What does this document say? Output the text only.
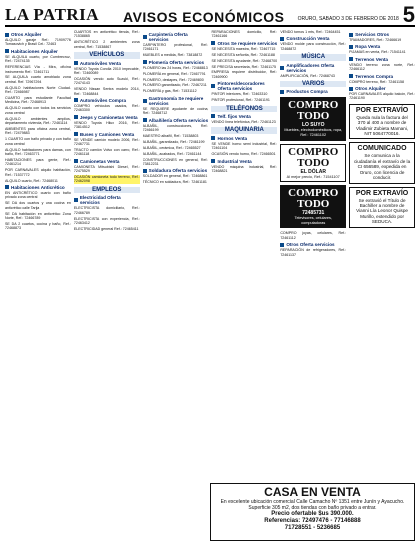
LA PATRIA	AVISOS ECONÓMICOS	ORURO, SABADO 3 DE FEBRERO DE 2018 5
Otros Alquiler

ALQUILO garaje Ref.: 71909776 Tomasovich y Brasil Cel.: 72463

Habitaciones Alquiler

SE ALQUILA cuarto, por Cumbrecruz, Ref.: 72474135

REFERENCIAS Vía - Mira, oficina instrumento Ref.: 72461711

SE ALQUILA cuarto amoblado zona central. Ref. 72967294

ALQUILO habitaciones Norte Ciudad. Ref.: 72466987

CUARTO para estudiante Facultad Medicina, Ref.: 72468913

ALQUILO cuarto con todos los servicios zona central

ALQUILO ambientes amplios, departamento vivienda, Ref.: 72461114

AMBIENTES para oficina zona central, Ref.: 72479883

1 CUARTO con baño privado y con baño zona central

ALQUILO habitaciones para damas, con baño, Ref.: 72463771

HABITACIONES para gente, Ref.: 72461214

POR CARNAVALES alquilo habitación, Ref.: 71537772

ALQUILO cuarto, Ref.: 72468011

Habitaciones Anticrético

EN ANTICRÉTICO cuarto con baño privado zona central

SE DA dos cuartos y una cocina en anticrético calle Tarija

SE DA habitación en anticrético Zona Norte, Ref.: 72466789

SE DA 2 cuartos, cocina y baño, Ref.: 72468873

CUARTOS en anticrético tienda, Ref.: 71538865

ANTICRÉTICO 2 ambientes zona central, Ref.: 71538867

VEHÍCULOS
Automóviles Venta

VENDO Toyota Corolla 2010 impecable, Ref.: 72460089

OCASIÓN vendo auto Suzuki, Ref.: 72474143

VENDO Nissan Sentra modelo 2014, Ref.: 72468844

Automóviles Compra

COMPRO vehículos usados, Ref.: 72463300

Jeeps y Camionetas Venta

VENDO Toyota Hilux 2016, Ref.: 73814512

Buses y Camiones Venta

SE VENDE camión modelo 2006, Ref.: 72467731

TRACTO camión Volvo con carro, Ref.: 72461118

Camionetas Venta

CAMIONETA Mitsubishi Diesel, Ref.: 72475529

OCASIÓN camioneta todo terreno, Ref.: 72462098

EMPLEOS
Electricidad Oferta servicios

ELECTRICISTA domiciliario, Ref.: 72466789

ELECTRICISTA con experiencia, Ref.: 72463412

ELECTRICIDAD general Ref.: 72465411

Carpintería Oferta servicios

CARPINTERO profesional, Ref.: 72461171

MUEBLES a medida, Ref.: 73818872

Plomería Oferta servicios

PLOMERO las 24 horas, Ref.: 72468813

PLOMERÍA en general, Ref.: 72467791

PLOMERO, destapes, Ref.: 72469800

PLOMERO garantizado, Ref.: 72467211

PLOMERÍA y gas, Ref.: 71531112

Gastronomía Se requiere servicios

SE REQUIERE ayudante de cocina, Ref.: 72468712

Albañilería Oferta servicios

ALBAÑIL, construcciones, Ref.: 72466199

MAESTRO albañil, Ref.: 71538803

ALBAÑIL, garantizado, Ref.: 72461199

ALBAÑIL, cerámica, Ref.: 72465527

ALBAÑIL, acabados, Ref.: 72461144

CONSTRUCCIONES en general, Ref.: 73812231

Soldadura Oferta servicios

SOLDADOR en general, Ref.: 72468861

TÉCNICO en soldadura, Ref.: 72461181

REPARACIONES domicilio, Ref.: 72461166

Otros Se requiere servicios

SE NECESITA maestra, Ref.: 72467715

SE NECESITA señorita, Ref.: 72461188

SE NECESITA ayudante, Ref.: 72468700

SE PRECISA secretaria, Ref.: 72461175

EMPRESA requiere distribuidor, Ref.: 72469900

Pintores/decoradores Oferta servicios

PINTOR interiores, Ref.: 72463310

PINTOR profesional, Ref.: 72461191

TELÉFONOS
Telf. fijos Venta

VENDO línea telefónica, Ref.: 72461123

MAQUINARIA
Hornos Venta

SE VENDE horno semi industrial, Ref.: 72461104

OCASIÓN vendo horno, Ref.: 72466501

Industrial Venta

VENDO máquina industrial, Ref.: 72468821

VENDO tornos 1 mts, Ref.: 72464451

Construcción Venta

VENDO molde para construcción, Ref.: 72468872

MÚSICA
Amplificadores Oferta servicios

AMPLIFICACIÓN, Ref.: 72468743

VARIOS
Productos Compra
COMPRO TODO
LO SUYO
Muebles, electrodomésticos, ropa, Ref.: 72461102
COMPRO TODO
EL DÓLAR
Al mejor precio, Ref.: 71541107
COMPRO TODO
72485731
Televisores, celulares, computadoras

COMPRO joyas, celulares, Ref.: 72461112

Otros Oferta servicios

REPARACIÓN de refrigeradores, Ref.: 72461137

Servicios Otros

TRAMADORES, Ref.: 72466619

Ropa Venta

PIJAMAS en venta, Ref.: 71541141

Terrenos Venta

VENDO terreno zona norte, Ref.: 72466112

Terrenos Compra

COMPRO terreno, Ref.: 72461158

Otros Alquiler

POR CARNAVALES alquilo balcón, Ref.: 72461190

POR EXTRAVÍO
Queda nula la factura del 370 al 400 a nombre de Vladimir Zubieta Mamani, NIT 5064770016.
COMUNICADO
Se comunica a la ciudadanía el extravío de la CI 656589, expedida en Oruro, con licencia de conducir.
POR EXTRAVÍO
Se extravió el Título de Bachiller a nombre de Vianni Lía Leonor Quispe Murillo, extendido por SEDUCA.
CASA EN VENTA
En excelente ubicación comercial Calle Camacho Nº 1351 entre Junín y Ayacucho. Superficie 305 m2, dos tiendas con baño privado a entrar.
Precio ofertable $us 390.000.
Referencias: 72497476 - 77146888
71728551 - 5236685
